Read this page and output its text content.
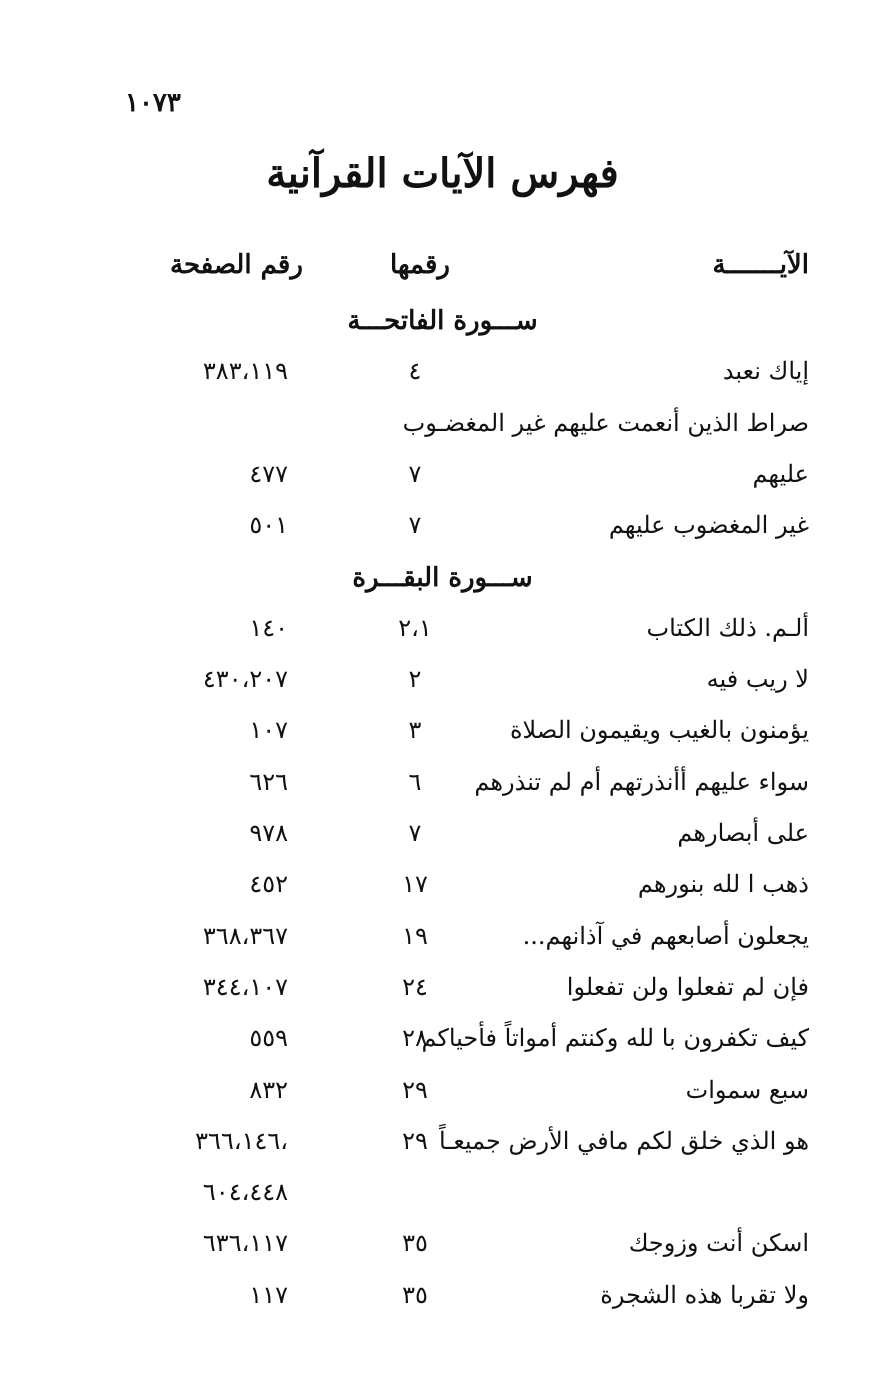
١٠٧٣
فهرس الآيات القرآنية
الآيـــــــة
رقمها
رقم الصفحة
ســـورة الفاتحـــة
إياك نعبد
٤
٣٨٣،١١٩
صراط الذين أنعمت عليهم غير المغضـوب
عليهم
٧
٤٧٧
غير المغضوب عليهم
٧
٥٠١
ســـورة البقـــرة
ألـم. ذلك الكتاب
٢،١
١٤٠
لا ريب فيه
٢
٤٣٠،٢٠٧
يؤمنون بالغيب ويقيمون الصلاة
٣
١٠٧
سواء عليهم أأنذرتهم أم لم تنذرهم
٦
٦٢٦
على أبصارهم
٧
٩٧٨
ذهب ا لله بنورهم
١٧
٤٥٢
يجعلون أصابعهم في آذانهم...
١٩
٣٦٨،٣٦٧
فإن لم تفعلوا ولن تفعلوا
٢٤
٣٤٤،١٠٧
كيف تكفرون با لله وكنتم أمواتاً فأحياكم
٢٨
٥٥٩
سبع سموات
٢٩
٨٣٢
هو الذي خلق لكم مافي الأرض جميعـاً
٢٩
،٣٦٦،١٤٦
٦٠٤،٤٤٨
اسكن أنت وزوجك
٣٥
٦٣٦،١١٧
ولا تقربا هذه الشجرة
٣٥
١١٧
